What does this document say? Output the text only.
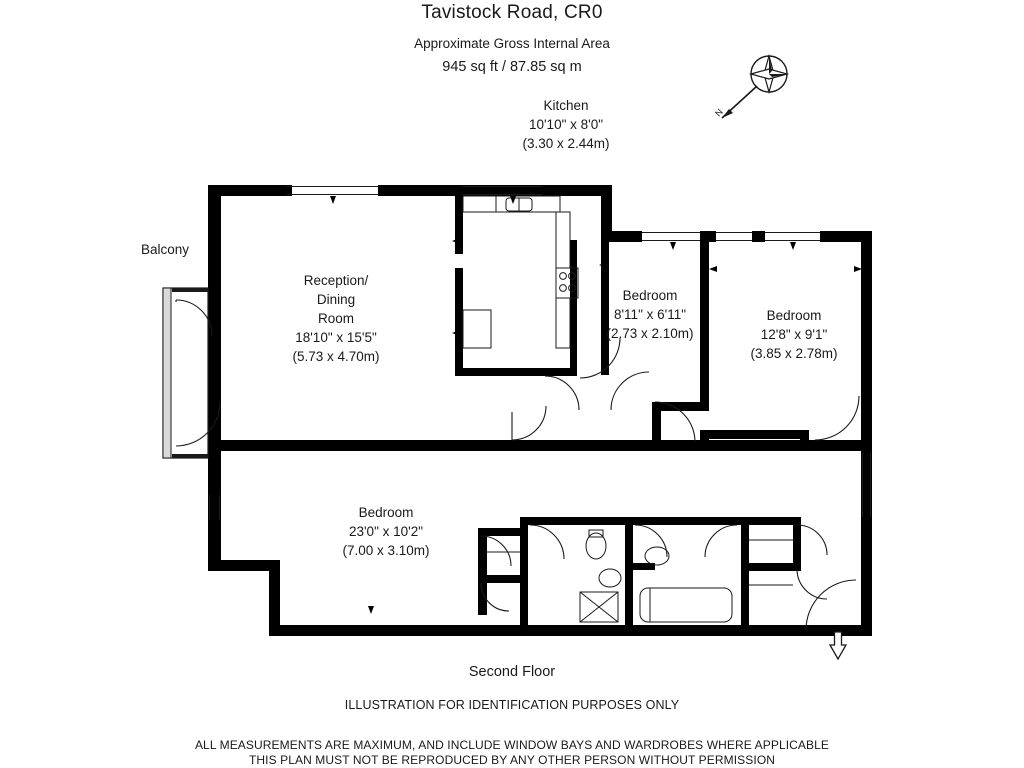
Tavistock Road, CR0
Approximate Gross Internal Area
945 sq ft / 87.85 sq m
N
Kitchen
10'10" x 8'0"
(3.30 x 2.44m)
Reception/
Dining
Room
18'10" x 15'5"
(5.73 x 4.70m)
Bedroom
8'11" x 6'11"
(2.73 x 2.10m)
Bedroom
12'8" x 9'1"
(3.85 x 2.78m)
Bedroom
23'0" x 10'2"
(7.00 x 3.10m)
Balcony
Second Floor
ILLUSTRATION FOR IDENTIFICATION PURPOSES ONLY
ALL MEASUREMENTS ARE MAXIMUM, AND INCLUDE WINDOW BAYS AND WARDROBES WHERE APPLICABLE
THIS PLAN MUST NOT BE REPRODUCED BY ANY OTHER PERSON WITHOUT PERMISSION
